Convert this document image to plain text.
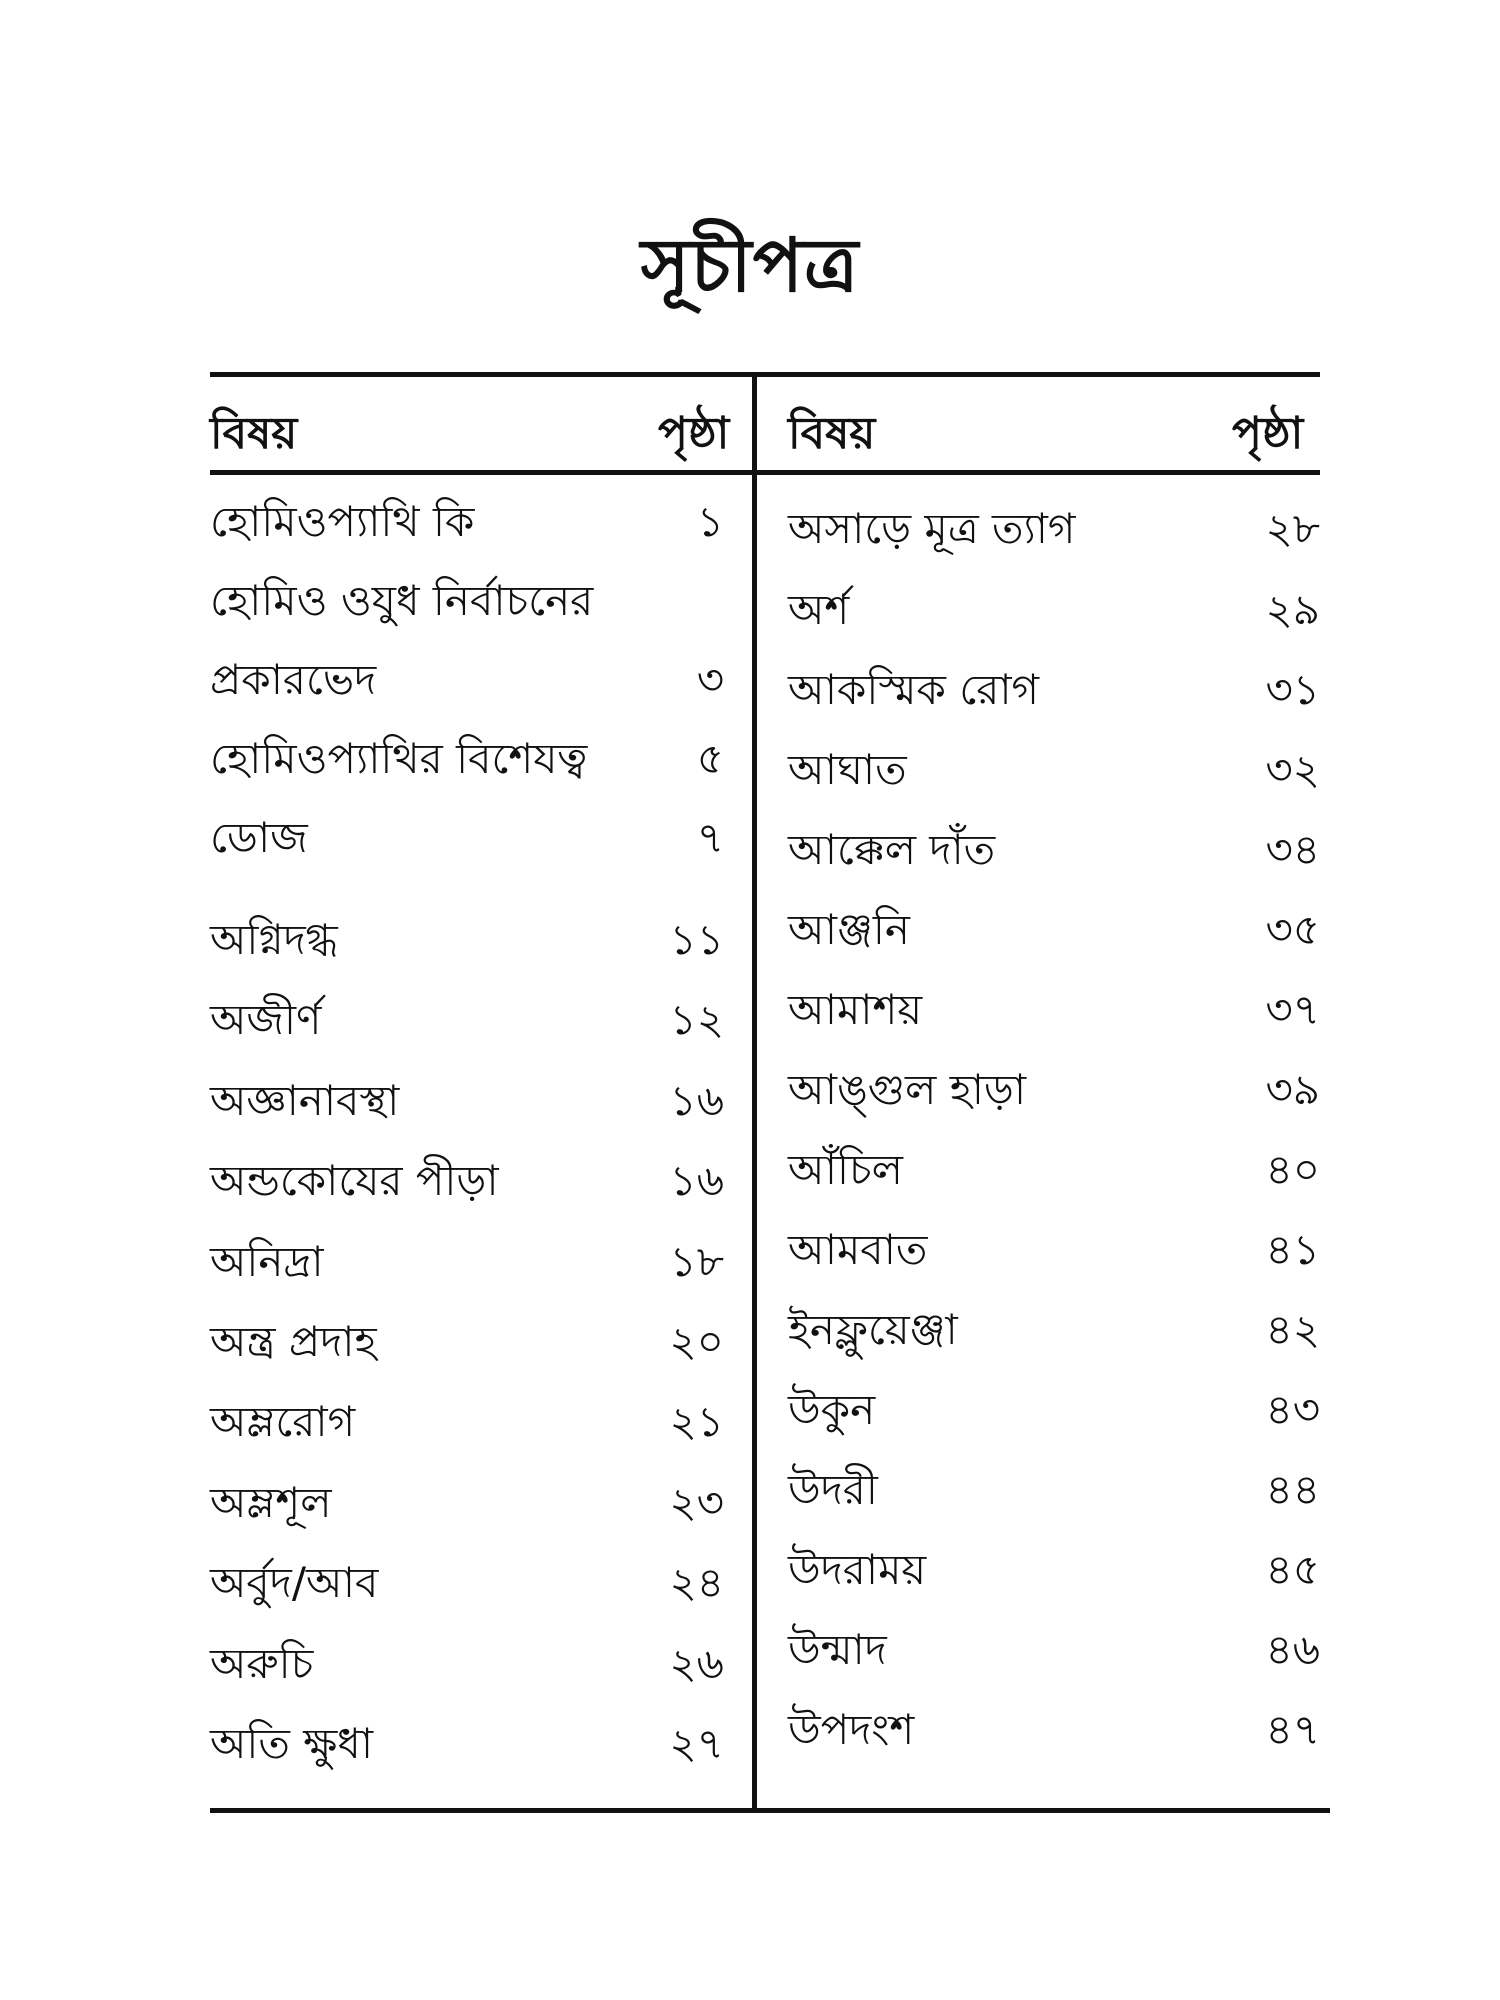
সূচীপত্র
বিষয়	পৃষ্ঠা বিষয়	পৃষ্ঠা
হোমিওপ্যাথি কি	১
হোমিও ওযুধ নির্বাচনের
প্রকারভেদ	৩
হোমিওপ্যাথির বিশেযত্ব	৫
ডোজ	৭
অগ্নিদগ্ধ	১১
অজীর্ণ	১২
অজ্ঞানাবস্থা	১৬
অন্ডকোযের পীড়া	১৬
অনিদ্রা	১৮
অন্ত্র প্রদাহ	২০
অম্লরোগ	২১
অম্লশূল	২৩
অর্বুদ/আব	২৪
অরুচি	২৬
অতি ক্ষুধা	২৭
অসাড়ে মূত্র ত্যাগ	২৮
অর্শ	২৯
আকস্মিক রোগ	৩১
আঘাত	৩২
আক্কেল দাঁত	৩৪
আঞ্জনি	৩৫
আমাশয়	৩৭
আঙ্গুল হাড়া	৩৯
আঁচিল	৪০
আমবাত	৪১
ইনফ্লুয়েঞ্জা	৪২
উকুন	৪৩
উদরী	৪৪
উদরাময়	৪৫
উন্মাদ	৪৬
উপদংশ	৪৭
